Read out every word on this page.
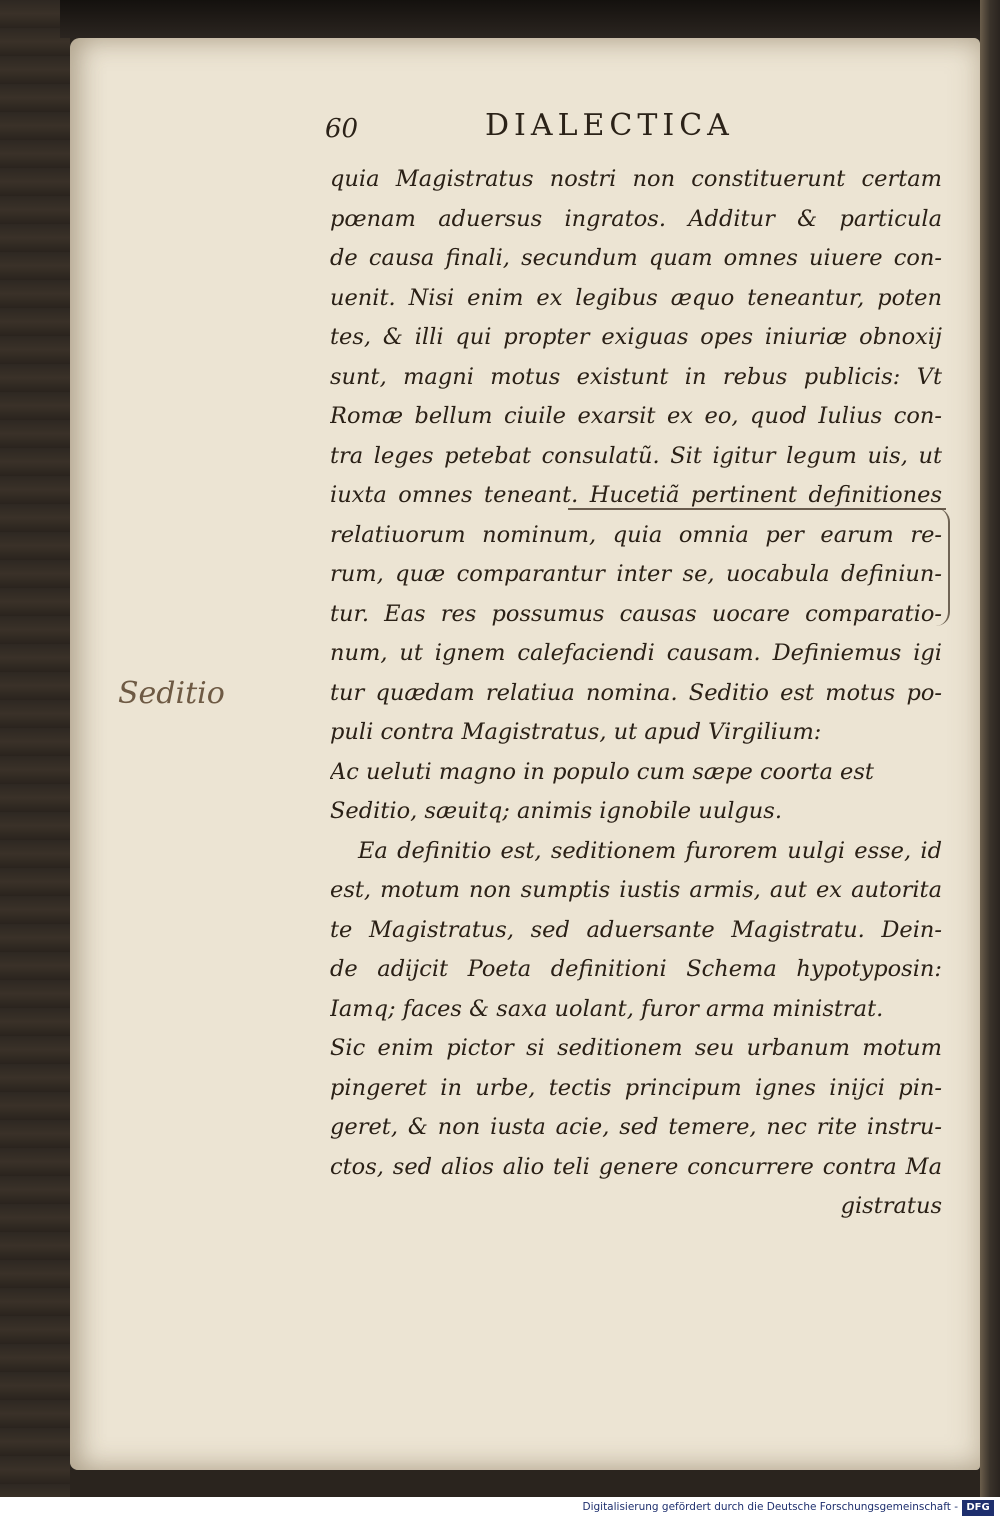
60	DIALECTICA
Seditio
quia Magistratus nostri non constituerunt certam
pœnam aduersus ingratos. Additur & particula
de causa finali, secundum quam omnes uiuere con-
uenit. Nisi enim ex legibus æquo teneantur, poten
tes, & illi qui propter exiguas opes iniuriæ obnoxij
sunt, magni motus existunt in rebus publicis: Vt
Romæ bellum ciuile exarsit ex eo, quod Iulius con-
tra leges petebat consulatũ. Sit igitur legum uis, ut
iuxta omnes teneant. Hucetiã pertinent definitiones
relatiuorum nominum, quia omnia per earum re-
rum, quæ comparantur inter se, uocabula definiun-
tur. Eas res possumus causas uocare comparatio-
num, ut ignem calefaciendi causam. Definiemus igi
tur quædam relatiua nomina. Seditio est motus po-
puli contra Magistratus, ut apud Virgilium:
Ac ueluti magno in populo cum sæpe coorta est
Seditio, sæuitq; animis ignobile uulgus.
Ea definitio est, seditionem furorem uulgi esse, id
est, motum non sumptis iustis armis, aut ex autorita
te Magistratus, sed aduersante Magistratu. Dein-
de adijcit Poeta definitioni Schema hypotyposin:
Iamq; faces & saxa uolant, furor arma ministrat.
Sic enim pictor si seditionem seu urbanum motum
pingeret in urbe, tectis principum ignes inijci pin-
geret, & non iusta acie, sed temere, nec rite instru-
ctos, sed alios alio teli genere concurrere contra Ma
gistratus
Digitalisierung gefördert durch die Deutsche Forschungsgemeinschaft - DFG
